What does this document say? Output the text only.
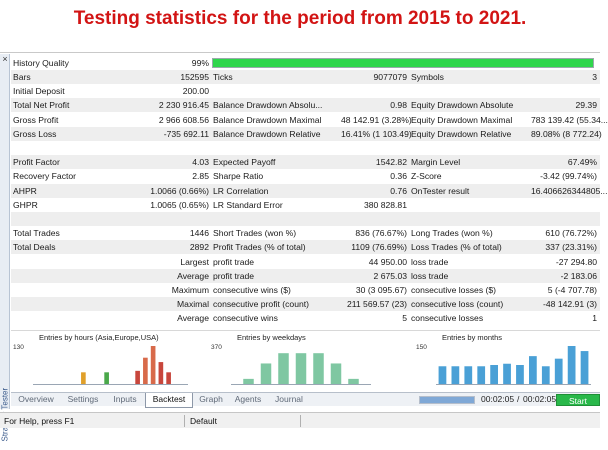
Testing statistics for the period from 2015 to 2021.
× History Quality	99%
Bars	152595 Ticks	9077079 Symbols	3
Initial Deposit	200.00
Total Net Profit	2 230 916.45 Balance Drawdown Absolu...	0.98 Equity Drawdown Absolute	29.39
Gross Profit	2 966 608.56 Balance Drawdown Maximal	48 142.91 (3.28%) Equity Drawdown Maximal	783 139.42 (55.34...
Gross Loss	-735 692.11 Balance Drawdown Relative	16.41% (1 103.49) Equity Drawdown Relative	89.08% (8 772.24)
Profit Factor	4.03 Expected Payoff	1542.82 Margin Level	67.49%
Recovery Factor	2.85 Sharpe Ratio	0.36 Z-Score	-3.42 (99.74%)
AHPR	1.0066 (0.66%) LR Correlation	0.76 OnTester result	16.406626344805...
GHPR	1.0065 (0.65%) LR Standard Error	380 828.81
Total Trades	1446 Short Trades (won %)	836 (76.67%) Long Trades (won %)	610 (76.72%)
Total Deals	2892 Profit Trades (% of total)	1109 (76.69%) Loss Trades (% of total)	337 (23.31%)
Largest profit trade	44 950.00 loss trade	-27 294.80
Average profit trade	2 675.03 loss trade	-2 183.06
Maximum consecutive wins ($)	30 (3 095.67) consecutive losses ($)	5 (-4 707.78)
Maximal consecutive profit (count)	211 569.57 (23) consecutive loss (count)	-48 142.91 (3)
Average consecutive wins	5 consecutive losses	1
Entries by hours (Asia,Europe,USA)
130
Entries by weekdays
370
Entries by months
150
Overview	Settings	Inputs	Backtest	Graph	Agents	Journal	00:02:05 / 00:02:05	Start
For Help, press F1	Default
